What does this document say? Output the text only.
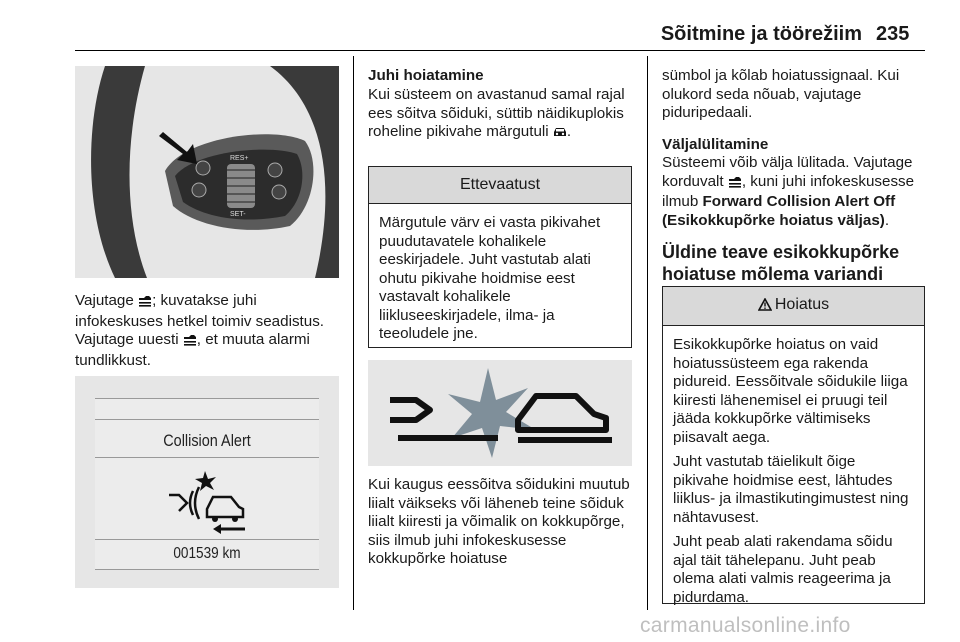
Sõitmine ja töörežiim 235
RES+
SET-
Vajutage ; kuvatakse juhi infokeskuses hetkel toimiv seadistus. Vajutage uuesti , et muuta alarmi tundlikkust.
Collision Alert
001539 km
Juhi hoiatamine
Kui süsteem on avastanud samal rajal ees sõitva sõiduki, süttib näidikuplokis roheline pikivahe märgutuli .
Ettevaatust

Märgutule värv ei vasta pikivahet puudutavatele kohalikele eeskirjadele. Juht vastutab alati ohutu pikivahe hoidmise eest vastavalt kohalikele liikluseeskirjadele, ilma- ja teeoludele jne.

Kui kaugus eessõitva sõidukini muutub liialt väikseks või läheneb teine sõiduk liialt kiiresti ja võimalik on kokkupõrge, siis ilmub juhi infokeskusesse kokkupõrke hoiatuse
sümbol ja kõlab hoiatussignaal. Kui olukord seda nõuab, vajutage piduripedaali.
Väljalülitamine
Süsteemi võib välja lülitada. Vajutage korduvalt , kuni juhi infokeskusesse ilmub Forward Collision Alert Off (Esikokkupõrke hoiatus väljas).
Üldine teave esikokkupõrke hoiatuse mõlema variandi
Hoiatus

Esikokkupõrke hoiatus on vaid hoiatussüsteem ega rakenda pidureid. Eessõitvale sõidukile liiga kiiresti lähenemisel ei pruugi teil jääda kokkupõrke vältimiseks piisavalt aega.

Juht vastutab täielikult õige pikivahe hoidmise eest, lähtudes liiklus- ja ilmastikutingimustest ning nähtavusest.

Juht peab alati rakendama sõidu ajal täit tähelepanu. Juht peab olema alati valmis reageerima ja pidurdama.

carmanualsonline.info
